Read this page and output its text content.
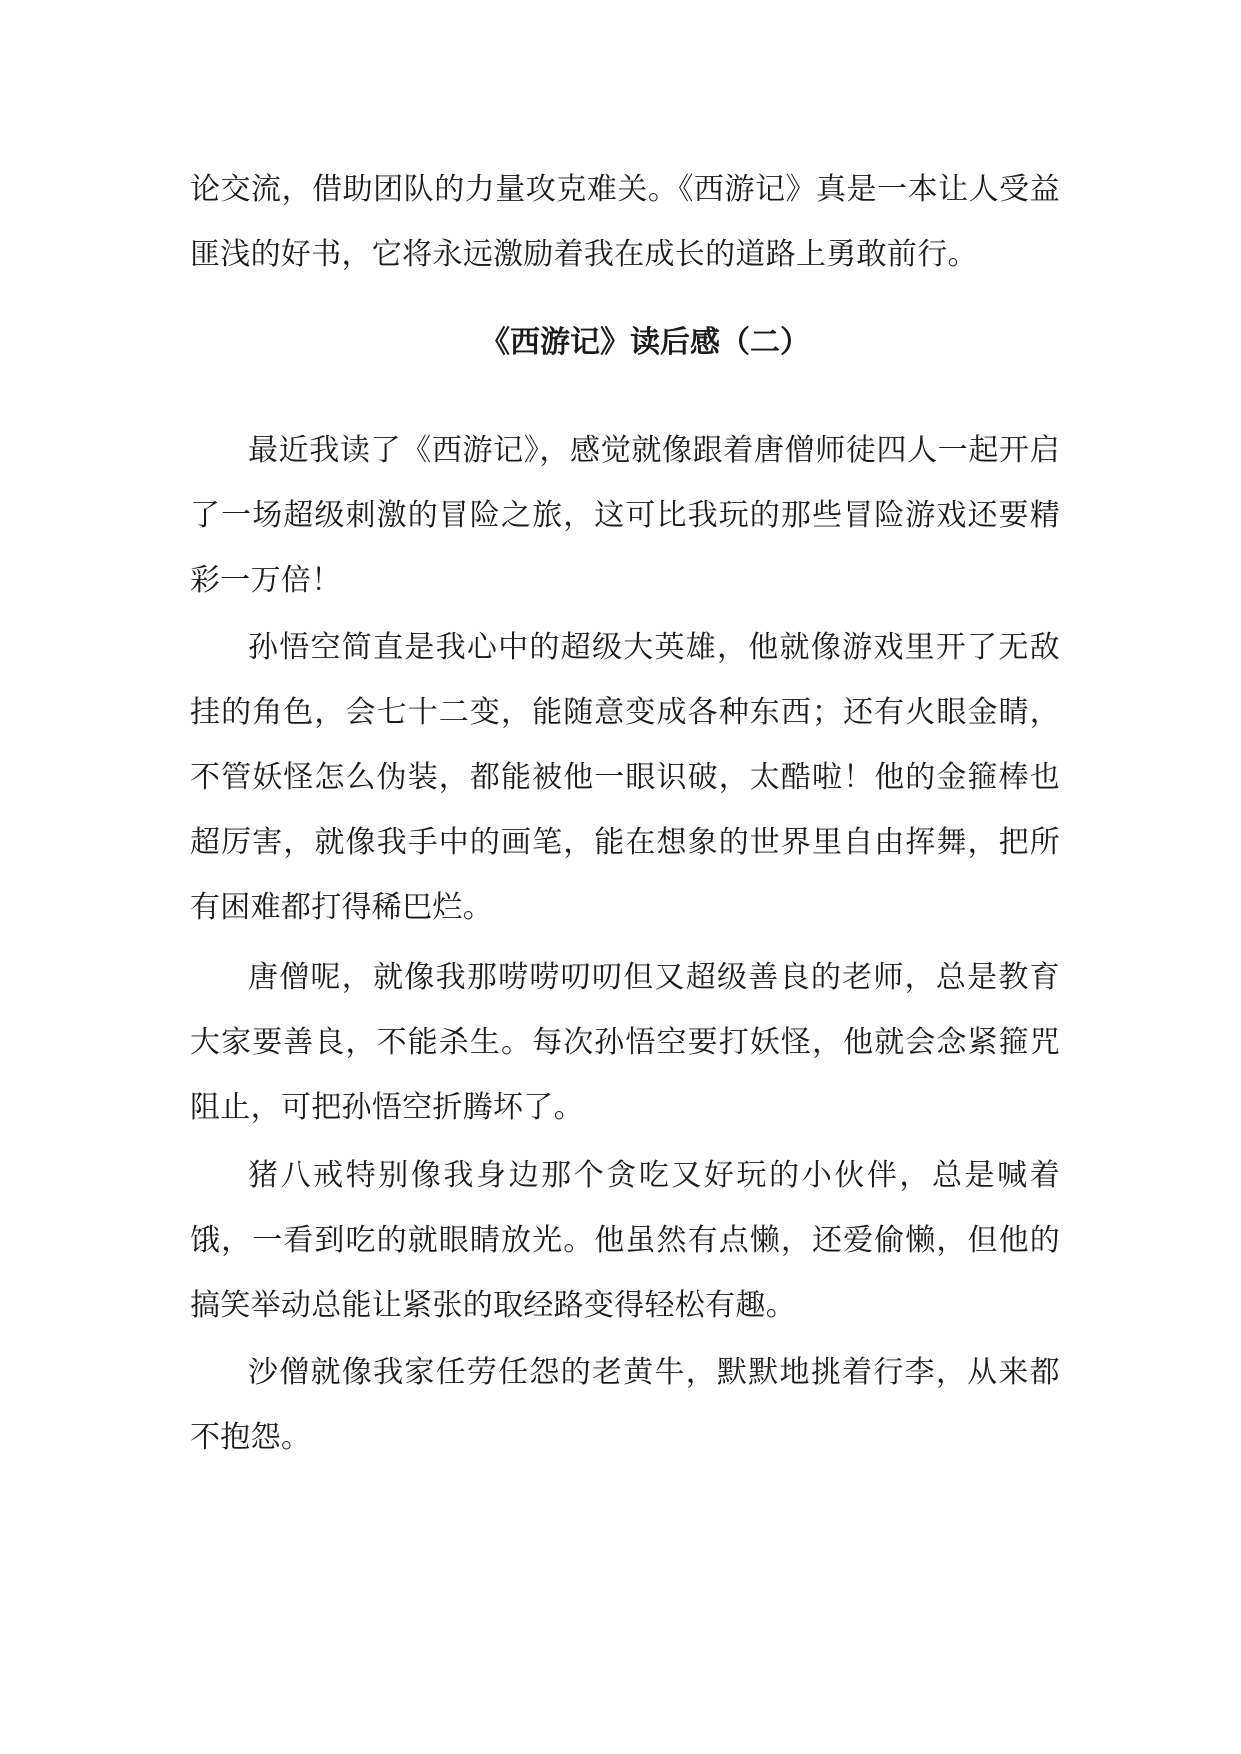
论交流，借助团队的力量攻克难关。《西游记》真是一本让人受益匪浅的好书，它将永远激励着我在成长的道路上勇敢前行。

《西游记》读后感（二）

最近我读了《西游记》，感觉就像跟着唐僧师徒四人一起开启了一场超级刺激的冒险之旅，这可比我玩的那些冒险游戏还要精彩一万倍！

孙悟空简直是我心中的超级大英雄，他就像游戏里开了无敌挂的角色，会七十二变，能随意变成各种东西；还有火眼金睛，不管妖怪怎么伪装，都能被他一眼识破，太酷啦！他的金箍棒也超厉害，就像我手中的画笔，能在想象的世界里自由挥舞，把所有困难都打得稀巴烂。

唐僧呢，就像我那唠唠叨叨但又超级善良的老师，总是教育大家要善良，不能杀生。每次孙悟空要打妖怪，他就会念紧箍咒阻止，可把孙悟空折腾坏了。

猪八戒特别像我身边那个贪吃又好玩的小伙伴，总是喊着饿，一看到吃的就眼睛放光。他虽然有点懒，还爱偷懒，但他的搞笑举动总能让紧张的取经路变得轻松有趣。

沙僧就像我家任劳任怨的老黄牛，默默地挑着行李，从来都不抱怨。
